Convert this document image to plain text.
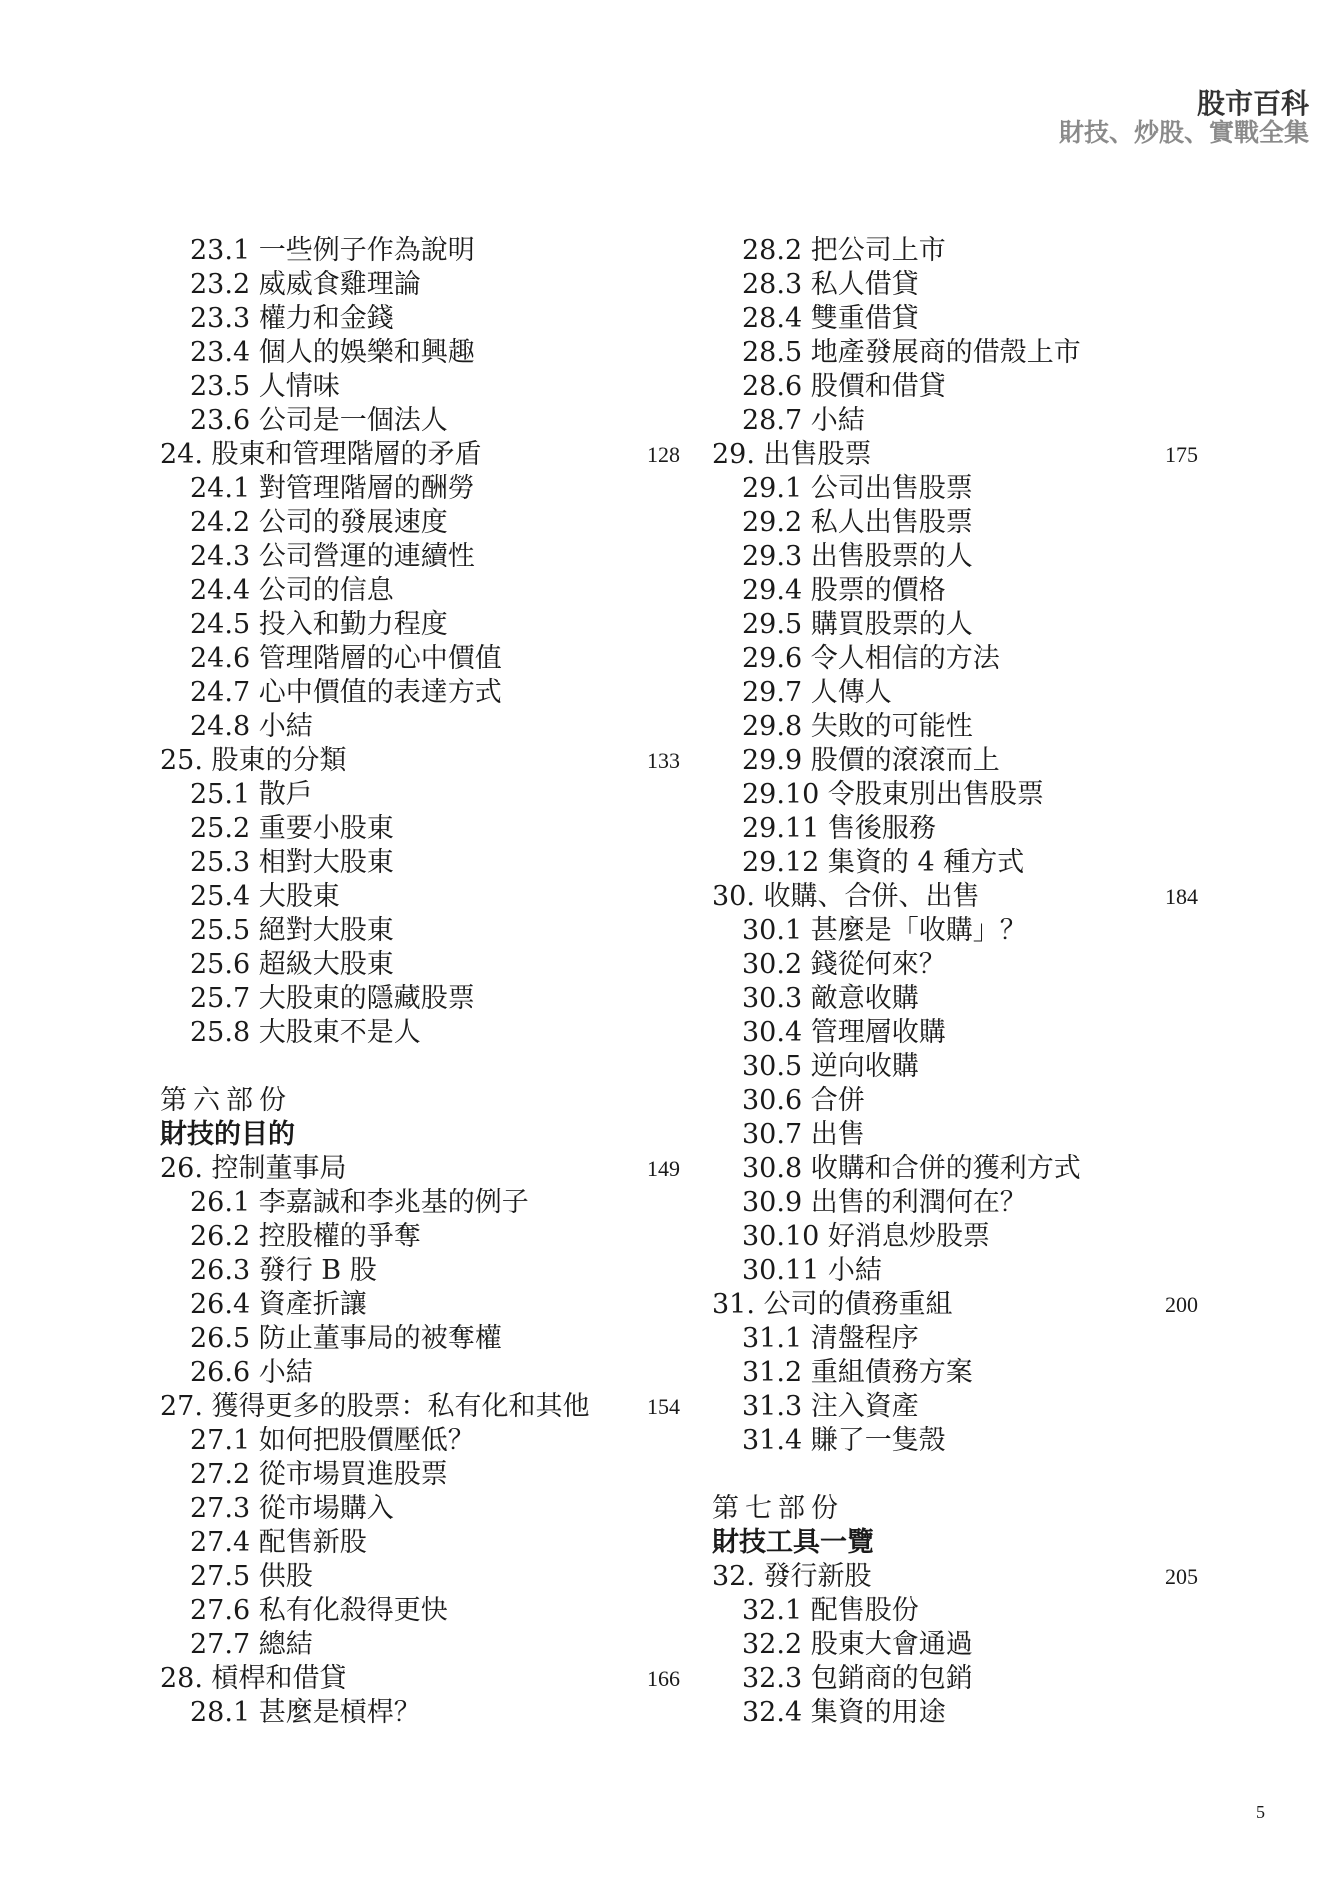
股市百科
財技、炒股、實戰全集
23.1 一些例子作為說明
23.2 威威食雞理論
23.3 權力和金錢
23.4 個人的娛樂和興趣
23.5 人情味
23.6 公司是一個法人
24. 股東和管理階層的矛盾	128
24.1 對管理階層的酬勞
24.2 公司的發展速度
24.3 公司營運的連續性
24.4 公司的信息
24.5 投入和勤力程度
24.6 管理階層的心中價值
24.7 心中價值的表達方式
24.8 小結
25. 股東的分類	133
25.1 散戶
25.2 重要小股東
25.3 相對大股東
25.4 大股東
25.5 絕對大股東
25.6 超級大股東
25.7 大股東的隱藏股票
25.8 大股東不是人
第六部份
財技的目的
26. 控制董事局	149
26.1 李嘉誠和李兆基的例子
26.2 控股權的爭奪
26.3 發行 B 股
26.4 資產折讓
26.5 防止董事局的被奪權
26.6 小結
27. 獲得更多的股票：私有化和其他	154
27.1 如何把股價壓低？
27.2 從市場買進股票
27.3 從市場購入
27.4 配售新股
27.5 供股
27.6 私有化殺得更快
27.7 總結
28. 槓桿和借貸	166
28.1 甚麼是槓桿？
28.2 把公司上市
28.3 私人借貸
28.4 雙重借貸
28.5 地產發展商的借殼上市
28.6 股價和借貸
28.7 小結
29. 出售股票	175
29.1 公司出售股票
29.2 私人出售股票
29.3 出售股票的人
29.4 股票的價格
29.5 購買股票的人
29.6 令人相信的方法
29.7 人傳人
29.8 失敗的可能性
29.9 股價的滾滾而上
29.10 令股東別出售股票
29.11 售後服務
29.12 集資的 4 種方式
30. 收購、合併、出售	184
30.1 甚麼是「收購」？
30.2 錢從何來？
30.3 敵意收購
30.4 管理層收購
30.5 逆向收購
30.6 合併
30.7 出售
30.8 收購和合併的獲利方式
30.9 出售的利潤何在？
30.10 好消息炒股票
30.11 小結
31. 公司的債務重組	200
31.1 清盤程序
31.2 重組債務方案
31.3 注入資產
31.4 賺了一隻殼
第七部份
財技工具一覽
32. 發行新股	205
32.1 配售股份
32.2 股東大會通過
32.3 包銷商的包銷
32.4 集資的用途
5
